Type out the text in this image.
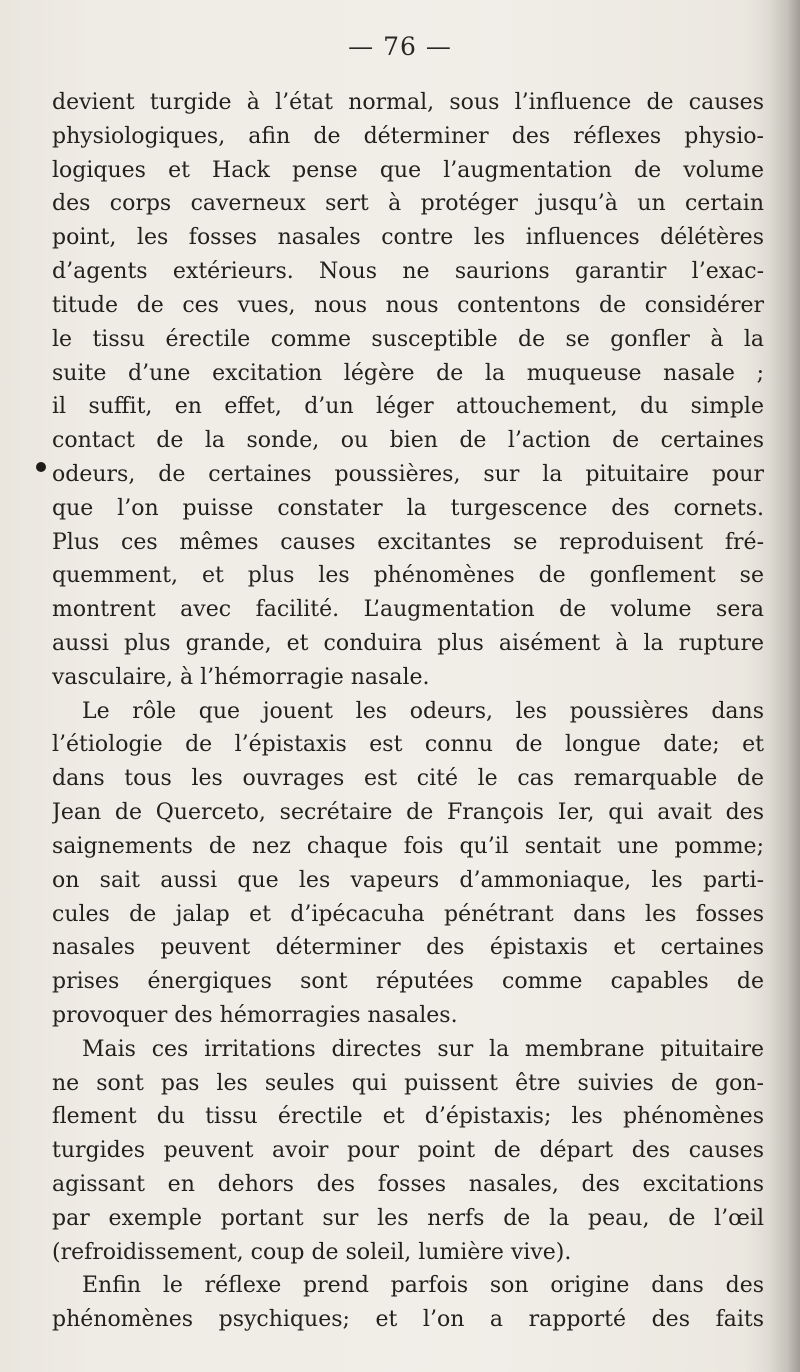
— 76 —
devient turgide à l’état normal, sous l’influence de causes
physiologiques, afin de déterminer des réflexes physio-
logiques et Hack pense que l’augmentation de volume
des corps caverneux sert à protéger jusqu’à un certain
point, les fosses nasales contre les influences délétères
d’agents extérieurs. Nous ne saurions garantir l’exac-
titude de ces vues, nous nous contentons de considérer
le tissu érectile comme susceptible de se gonfler à la
suite d’une excitation légère de la muqueuse nasale ;
il suffit, en effet, d’un léger attouchement, du simple
contact de la sonde, ou bien de l’action de certaines
odeurs, de certaines poussières, sur la pituitaire pour
que l’on puisse constater la turgescence des cornets.
Plus ces mêmes causes excitantes se reproduisent fré-
quemment, et plus les phénomènes de gonflement se
montrent avec facilité. L’augmentation de volume sera
aussi plus grande, et conduira plus aisément à la rupture
vasculaire, à l’hémorragie nasale.
Le rôle que jouent les odeurs, les poussières dans
l’étiologie de l’épistaxis est connu de longue date; et
dans tous les ouvrages est cité le cas remarquable de
Jean de Querceto, secrétaire de François Ier, qui avait des
saignements de nez chaque fois qu’il sentait une pomme;
on sait aussi que les vapeurs d’ammoniaque, les parti-
cules de jalap et d’ipécacuha pénétrant dans les fosses
nasales peuvent déterminer des épistaxis et certaines
prises énergiques sont réputées comme capables de
provoquer des hémorragies nasales.
Mais ces irritations directes sur la membrane pituitaire
ne sont pas les seules qui puissent être suivies de gon-
flement du tissu érectile et d’épistaxis; les phénomènes
turgides peuvent avoir pour point de départ des causes
agissant en dehors des fosses nasales, des excitations
par exemple portant sur les nerfs de la peau, de l’œil
(refroidissement, coup de soleil, lumière vive).
Enfin le réflexe prend parfois son origine dans des
phénomènes psychiques; et l’on a rapporté des faits
